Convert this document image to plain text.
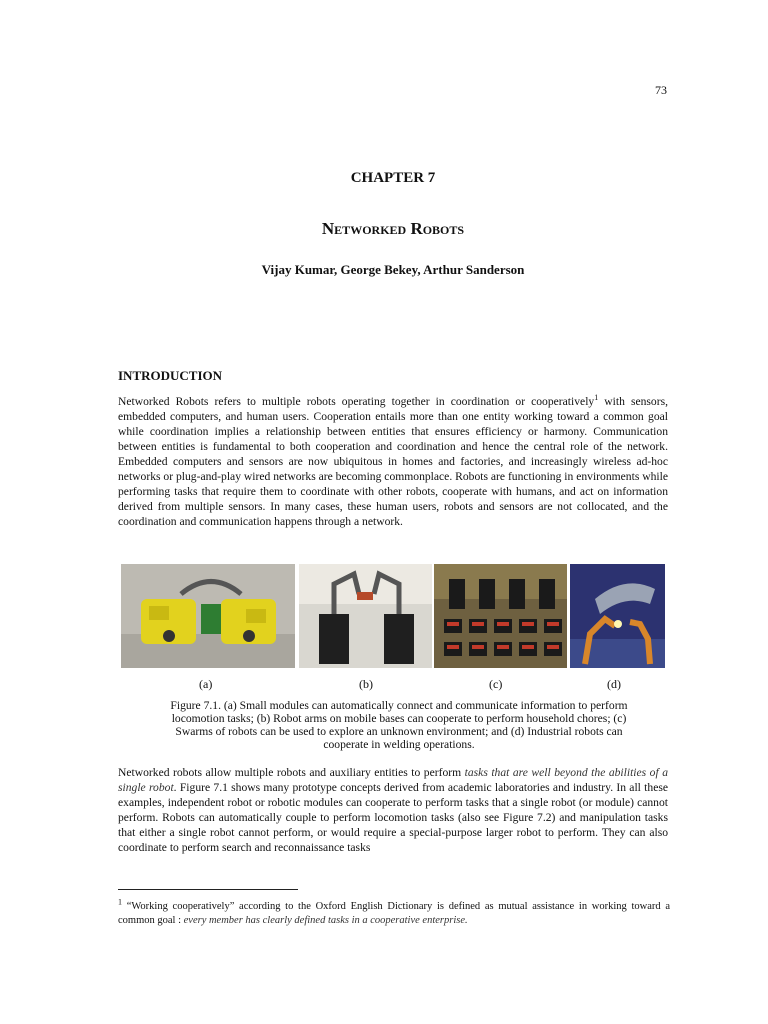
73
CHAPTER 7
Networked Robots
Vijay Kumar, George Bekey, Arthur Sanderson
INTRODUCTION

Networked Robots refers to multiple robots operating together in coordination or cooperatively$^1$ with sensors, embedded computers, and human users. Cooperation entails more than one entity working toward a common goal while coordination implies a relationship between entities that ensures efficiency or harmony. Communication between entities is fundamental to both cooperation and coordination and hence the central role of the network. Embedded computers and sensors are now ubiquitous in homes and factories, and increasingly wireless ad-hoc networks or plug-and-play wired networks are becoming commonplace. Robots are functioning in environments while performing tasks that require them to coordinate with other robots, cooperate with humans, and act on information derived from multiple sensors. In many cases, these human users, robots and sensors are not collocated, and the coordination and communication happens through a network.

(a)	(b)	(c)	(d)
Figure 7.1. (a) Small modules can automatically connect and communicate information to perform
locomotion tasks; (b) Robot arms on mobile bases can cooperate to perform household chores; (c)
Swarms of robots can be used to explore an unknown environment; and (d) Industrial robots can
cooperate in welding operations.

Networked robots allow multiple robots and auxiliary entities to perform tasks that are well beyond the abilities of a single robot. Figure 7.1 shows many prototype concepts derived from academic laboratories and industry. In all these examples, independent robot or robotic modules can cooperate to perform tasks that a single robot (or module) cannot perform. Robots can automatically couple to perform locomotion tasks (also see Figure 7.2) and manipulation tasks that either a single robot cannot perform, or would require a special-purpose larger robot to perform. They can also coordinate to perform search and reconnaissance tasks

$^1$ “Working cooperatively” according to the Oxford English Dictionary is defined as mutual assistance in working toward a common goal : every member has clearly defined tasks in a cooperative enterprise.
